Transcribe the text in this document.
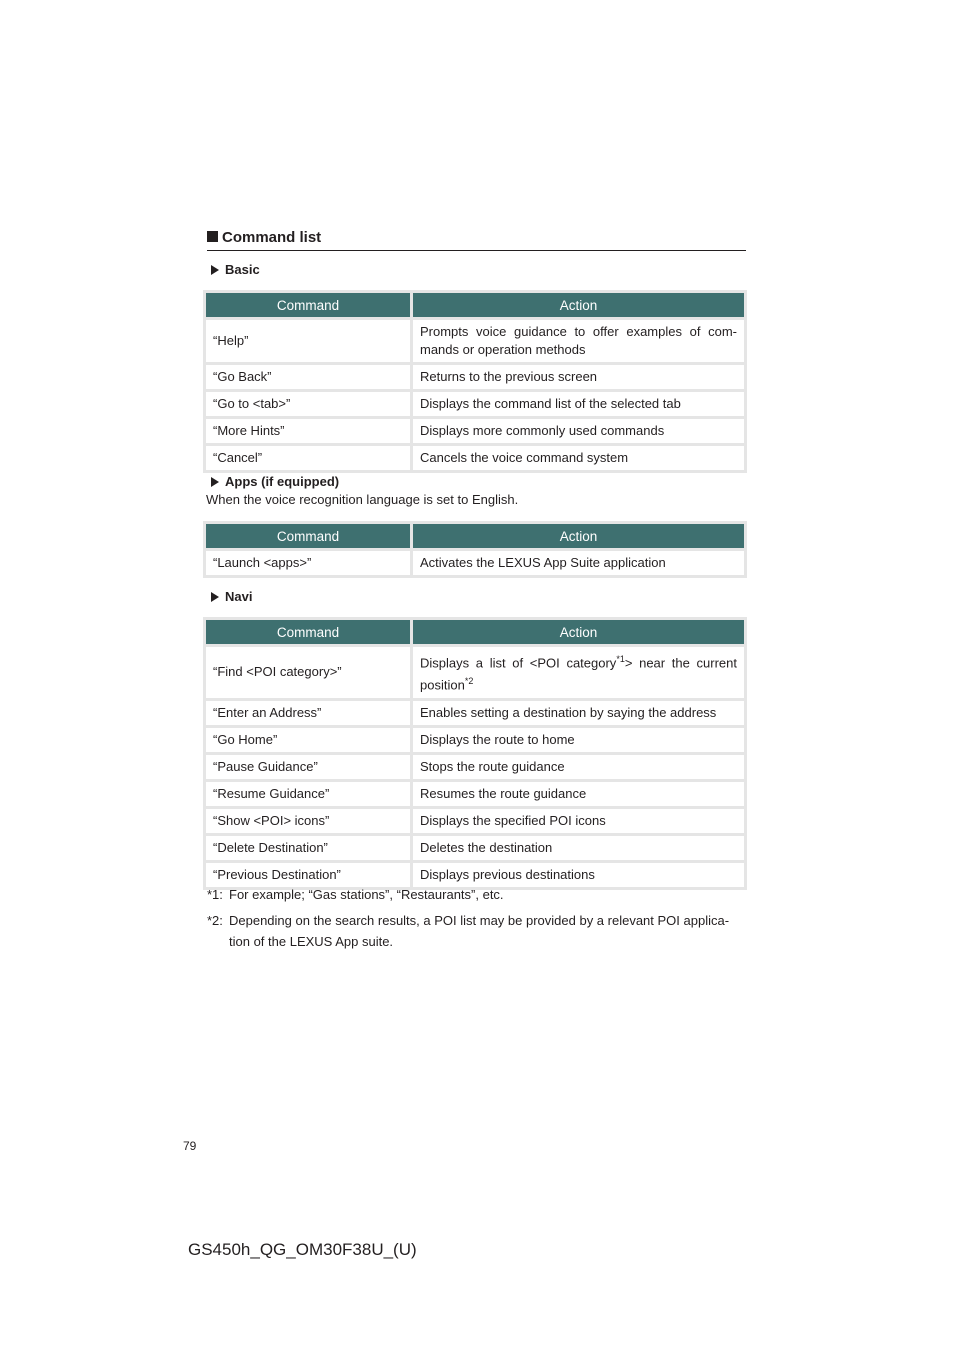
Command list
Basic
Command	Action
“Help”	Prompts voice guidance to offer examples of com- mands or operation methods
“Go Back”	Returns to the previous screen
“Go to <tab>”	Displays the command list of the selected tab
“More Hints”	Displays more commonly used commands
“Cancel”	Cancels the voice command system
Apps (if equipped)
When the voice recognition language is set to English.
Command	Action
“Launch <apps>”	Activates the LEXUS App Suite application
Navi
Command	Action
“Find <POI category>”	Displays a list of <POI category$^{*1}$> near the current position$^{*2}$
“Enter an Address”	Enables setting a destination by saying the address
“Go Home”	Displays the route to home
“Pause Guidance”	Stops the route guidance
“Resume Guidance”	Resumes the route guidance
“Show <POI> icons”	Displays the specified POI icons
“Delete Destination”	Deletes the destination
“Previous Destination”	Displays previous destinations
*1: For example; “Gas stations”, “Restaurants”, etc.
*2: Depending on the search results, a POI list may be provided by a relevant POI applica- tion of the LEXUS App suite.
79
GS450h_QG_OM30F38U_(U)
